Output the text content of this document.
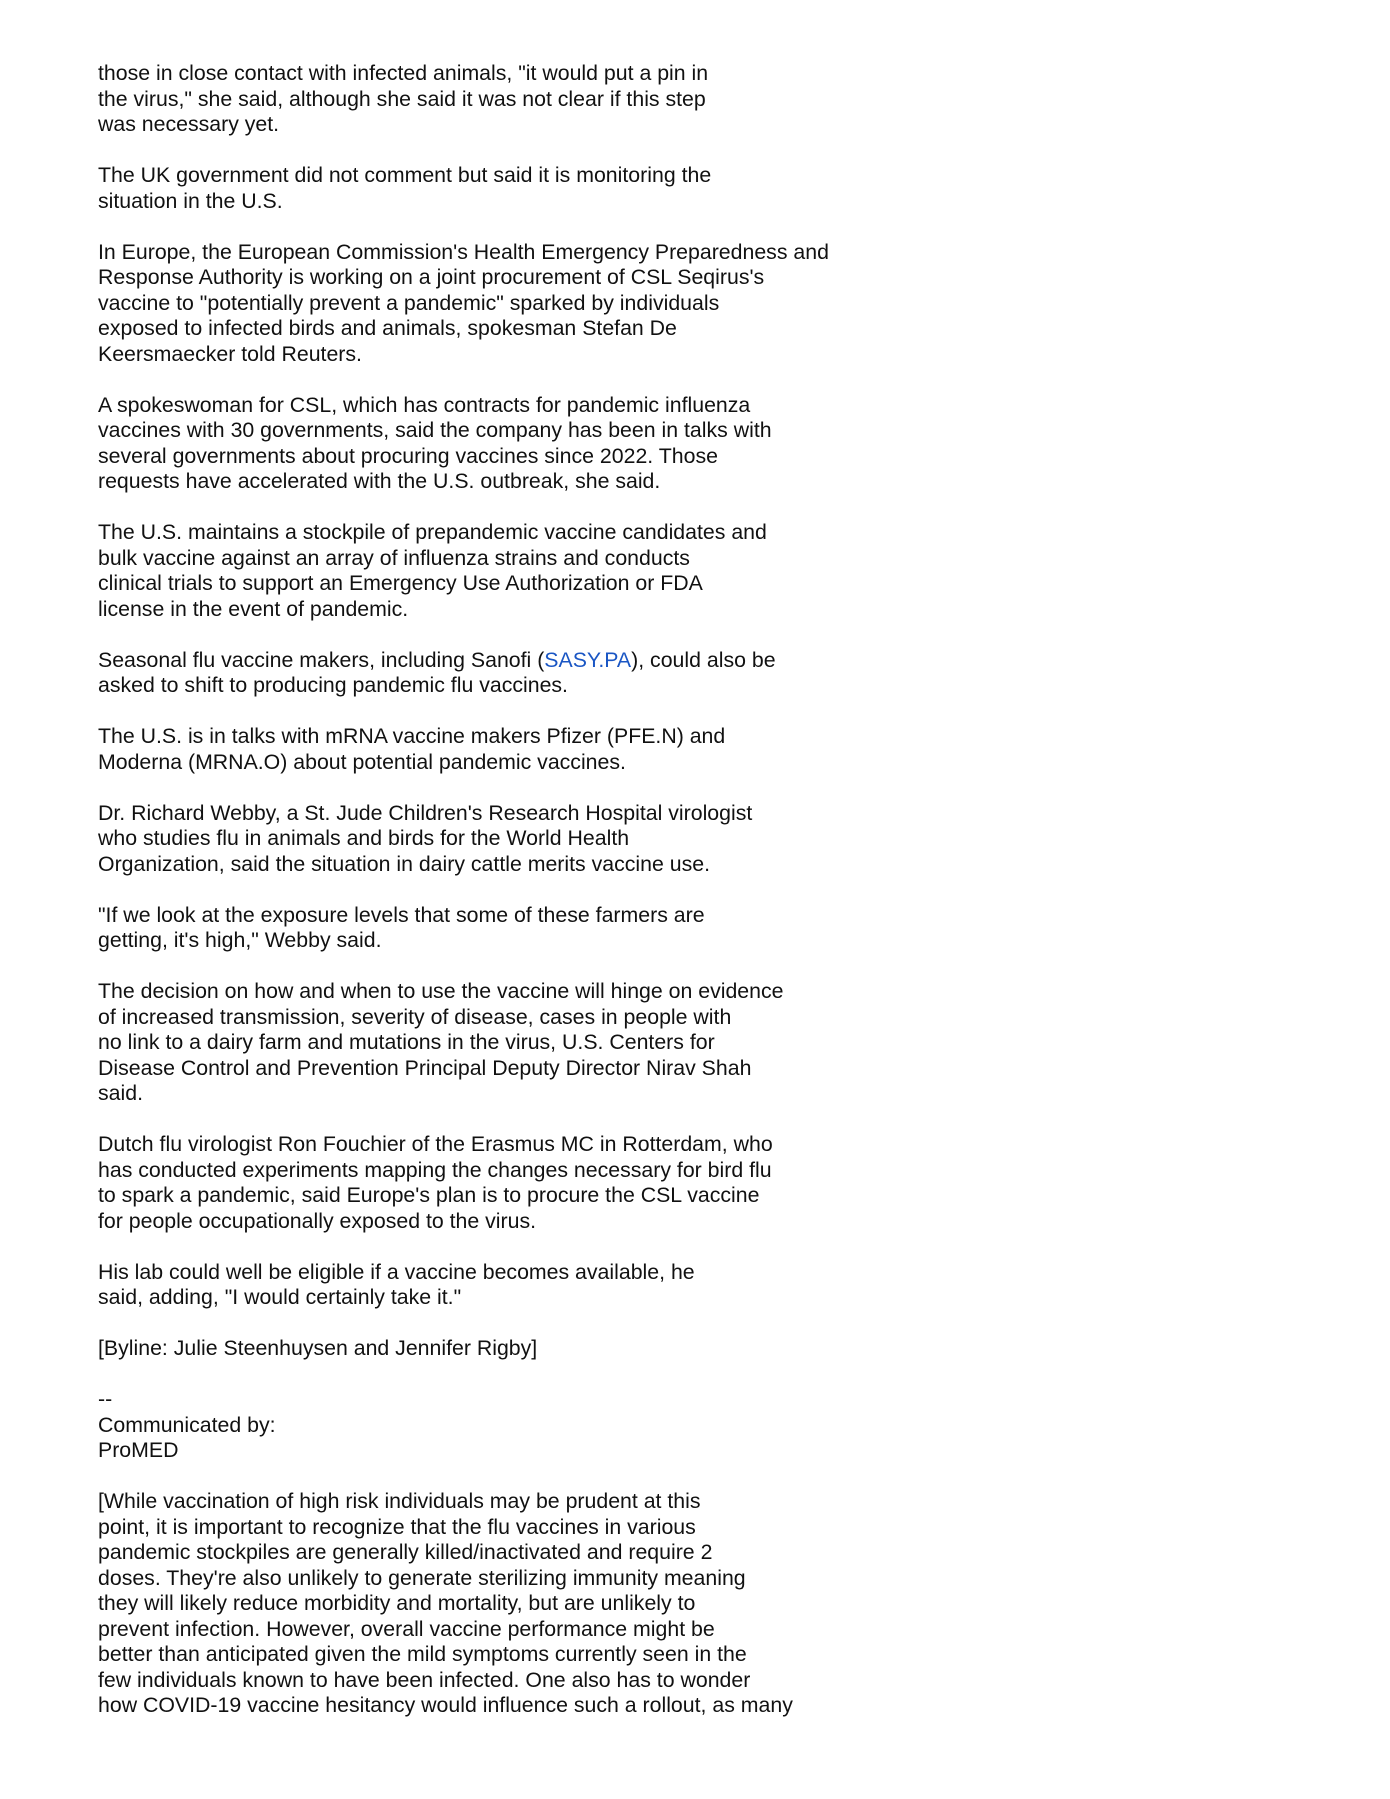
those in close contact with infected animals, "it would put a pin in
the virus," she said, although she said it was not clear if this step
was necessary yet.

The UK government did not comment but said it is monitoring the
situation in the U.S.

In Europe, the European Commission's Health Emergency Preparedness and
Response Authority is working on a joint procurement of CSL Seqirus's
vaccine to "potentially prevent a pandemic" sparked by individuals
exposed to infected birds and animals, spokesman Stefan De
Keersmaecker told Reuters.

A spokeswoman for CSL, which has contracts for pandemic influenza
vaccines with 30 governments, said the company has been in talks with
several governments about procuring vaccines since 2022. Those
requests have accelerated with the U.S. outbreak, she said.

The U.S. maintains a stockpile of prepandemic vaccine candidates and
bulk vaccine against an array of influenza strains and conducts
clinical trials to support an Emergency Use Authorization or FDA
license in the event of pandemic.

Seasonal flu vaccine makers, including Sanofi (SASY.PA), could also be
asked to shift to producing pandemic flu vaccines.

The U.S. is in talks with mRNA vaccine makers Pfizer (PFE.N) and
Moderna (MRNA.O) about potential pandemic vaccines.

Dr. Richard Webby, a St. Jude Children's Research Hospital virologist
who studies flu in animals and birds for the World Health
Organization, said the situation in dairy cattle merits vaccine use.

"If we look at the exposure levels that some of these farmers are
getting, it's high," Webby said.

The decision on how and when to use the vaccine will hinge on evidence
of increased transmission, severity of disease, cases in people with
no link to a dairy farm and mutations in the virus, U.S. Centers for
Disease Control and Prevention Principal Deputy Director Nirav Shah
said.

Dutch flu virologist Ron Fouchier of the Erasmus MC in Rotterdam, who
has conducted experiments mapping the changes necessary for bird flu
to spark a pandemic, said Europe's plan is to procure the CSL vaccine
for people occupationally exposed to the virus.

His lab could well be eligible if a vaccine becomes available, he
said, adding, "I would certainly take it."

[Byline: Julie Steenhuysen and Jennifer Rigby]

--
Communicated by:
ProMED

[While vaccination of high risk individuals may be prudent at this
point, it is important to recognize that the flu vaccines in various
pandemic stockpiles are generally killed/inactivated and require 2
doses. They're also unlikely to generate sterilizing immunity meaning
they will likely reduce morbidity and mortality, but are unlikely to
prevent infection. However, overall vaccine performance might be
better than anticipated given the mild symptoms currently seen in the
few individuals known to have been infected. One also has to wonder
how COVID-19 vaccine hesitancy would influence such a rollout, as many
